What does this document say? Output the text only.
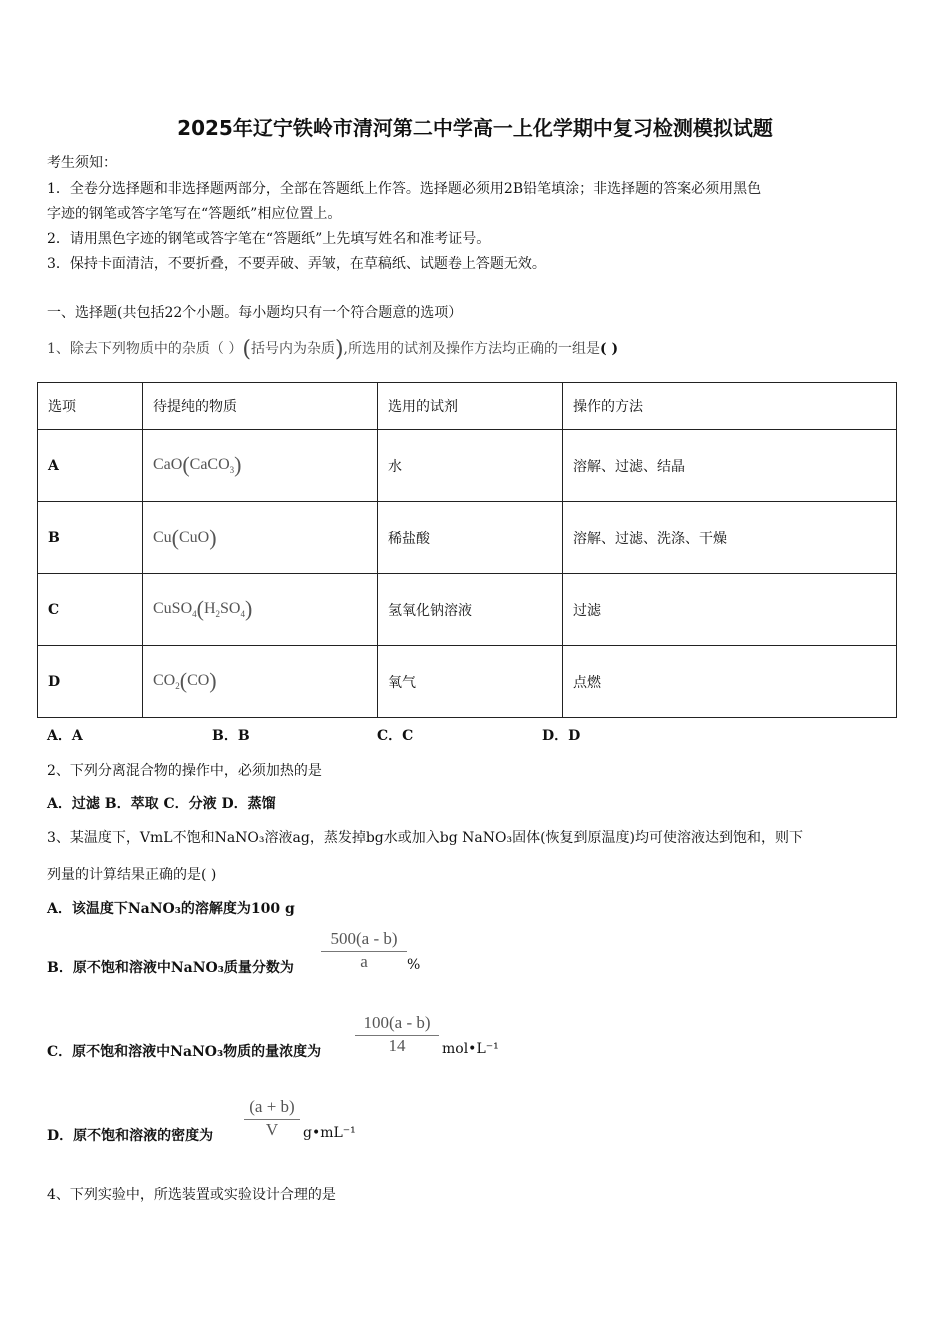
2025年辽宁铁岭市清河第二中学高一上化学期中复习检测模拟试题
考生须知：
1．全卷分选择题和非选择题两部分，全部在答题纸上作答。选择题必须用2B铅笔填涂；非选择题的答案必须用黑色
字迹的钢笔或答字笔写在“答题纸”相应位置上。
2．请用黑色字迹的钢笔或答字笔在“答题纸”上先填写姓名和准考证号。
3．保持卡面清洁，不要折叠，不要弄破、弄皱，在草稿纸、试题卷上答题无效。
一、选择题(共包括22个小题。每小题均只有一个符合题意的选项）
1、除去下列物质中的杂质（ ）(括号内为杂质),所选用的试剂及操作方法均正确的一组是( )
选项	待提纯的物质	选用的试剂	操作的方法
A	CaO(CaCO$_3$)	水	溶解、过滤、结晶
B	Cu(CuO)	稀盐酸	溶解、过滤、洗涤、干燥
C	$CuSO_4(H_2SO_4)$	氢氧化钠溶液	过滤
D	$CO_2(CO)$	氧气	点燃
A．A	B．B	C．C	D．D
2、下列分离混合物的操作中，必须加热的是
A．过滤 B．萃取 C．分液 D．蒸馏
3、某温度下，VmL不饱和NaNO₃溶液ag，蒸发掉bg水或加入bg NaNO₃固体(恢复到原温度)均可使溶液达到饱和，则下
列量的计算结果正确的是( )
A．该温度下NaNO₃的溶解度为100 g
B．原不饱和溶液中NaNO₃质量分数为
500(a - b)
a	%
C．原不饱和溶液中NaNO₃物质的量浓度为
100(a - b)
14	mol•L⁻¹
D．原不饱和溶液的密度为
(a + b)
V	g•mL⁻¹
4、下列实验中，所选装置或实验设计合理的是
